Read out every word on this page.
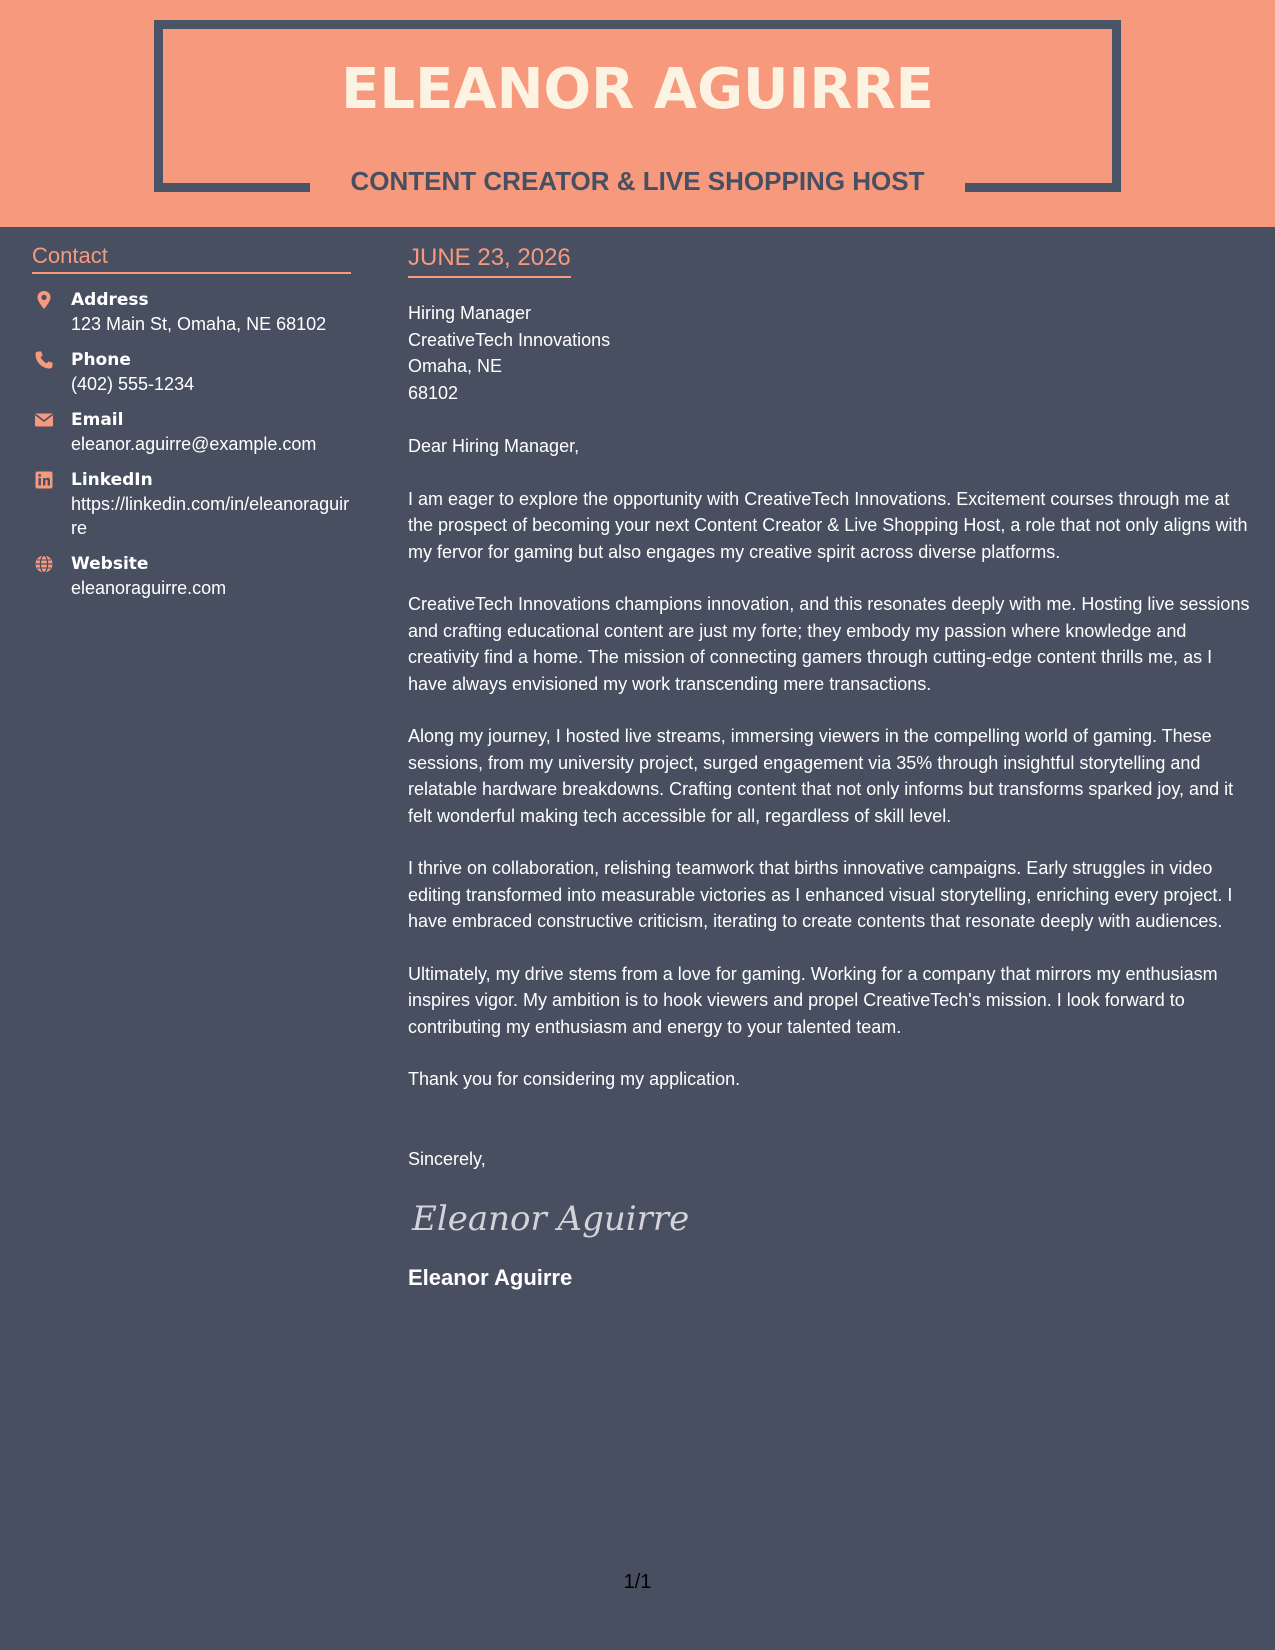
ELEANOR AGUIRRE
CONTENT CREATOR & LIVE SHOPPING HOST
Contact
Address
123 Main St, Omaha, NE 68102
Phone
(402) 555-1234
Email
eleanor.aguirre@example.com
LinkedIn
https://linkedin.com/in/eleanoraguirre
Website
eleanoraguirre.com
JUNE 23, 2026
Hiring Manager
CreativeTech Innovations
Omaha, NE
68102
Dear Hiring Manager,
I am eager to explore the opportunity with CreativeTech Innovations. Excitement courses through me at the prospect of becoming your next Content Creator & Live Shopping Host, a role that not only aligns with my fervor for gaming but also engages my creative spirit across diverse platforms.
CreativeTech Innovations champions innovation, and this resonates deeply with me. Hosting live sessions and crafting educational content are just my forte; they embody my passion where knowledge and creativity find a home. The mission of connecting gamers through cutting-edge content thrills me, as I have always envisioned my work transcending mere transactions.
Along my journey, I hosted live streams, immersing viewers in the compelling world of gaming. These sessions, from my university project, surged engagement via 35% through insightful storytelling and relatable hardware breakdowns. Crafting content that not only informs but transforms sparked joy, and it felt wonderful making tech accessible for all, regardless of skill level.
I thrive on collaboration, relishing teamwork that births innovative campaigns. Early struggles in video editing transformed into measurable victories as I enhanced visual storytelling, enriching every project. I have embraced constructive criticism, iterating to create contents that resonate deeply with audiences.
Ultimately, my drive stems from a love for gaming. Working for a company that mirrors my enthusiasm inspires vigor. My ambition is to hook viewers and propel CreativeTech's mission. I look forward to contributing my enthusiasm and energy to your talented team.
Thank you for considering my application.
Sincerely,
Eleanor Aguirre
Eleanor Aguirre
1/1
